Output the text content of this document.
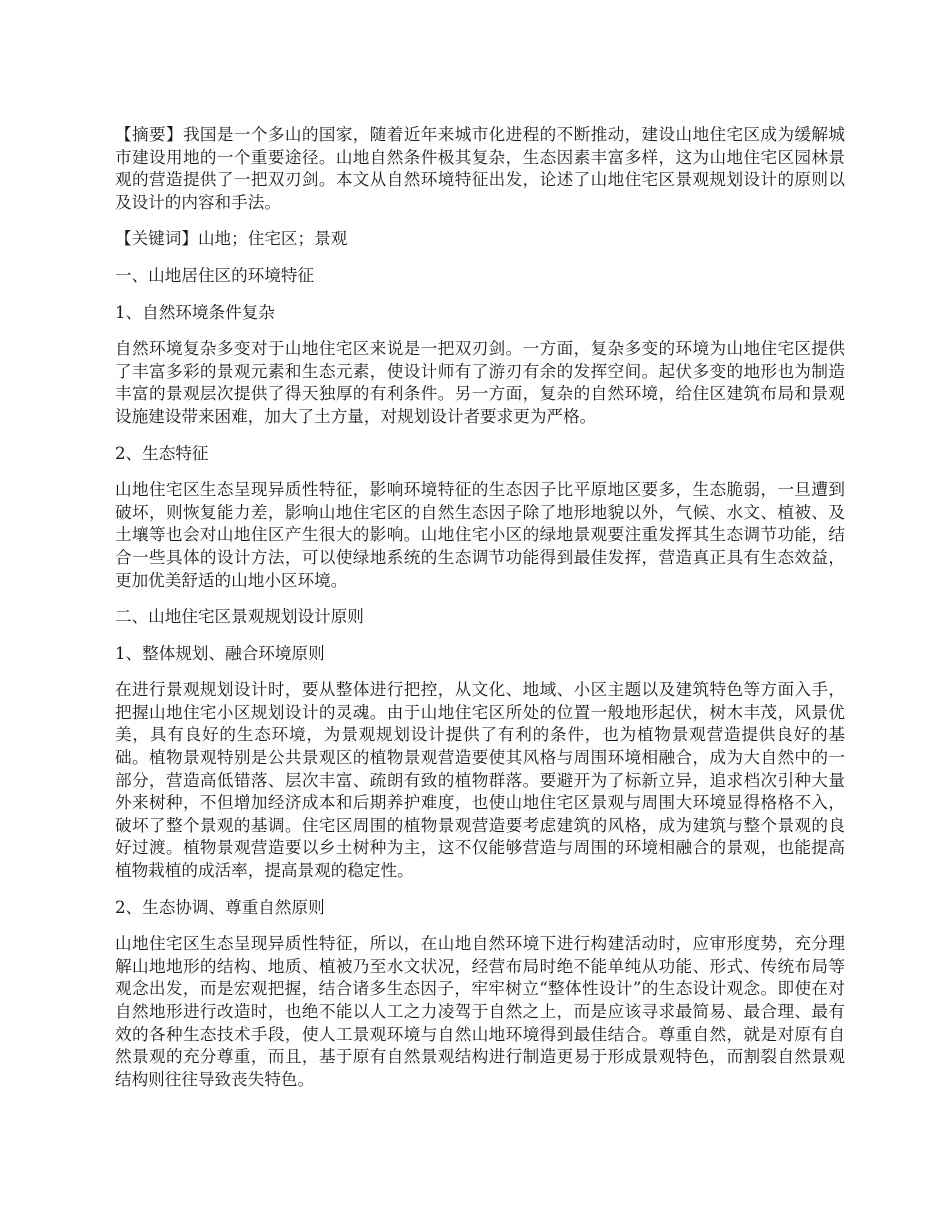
【摘要】我国是一个多山的国家，随着近年来城市化进程的不断推动，建设山地住宅区成为缓解城市建设用地的一个重要途径。山地自然条件极其复杂，生态因素丰富多样，这为山地住宅区园林景观的营造提供了一把双刃剑。本文从自然环境特征出发，论述了山地住宅区景观规划设计的原则以及设计的内容和手法。

【关键词】山地；住宅区；景观

一、山地居住区的环境特征

1、自然环境条件复杂

自然环境复杂多变对于山地住宅区来说是一把双刃剑。一方面，复杂多变的环境为山地住宅区提供了丰富多彩的景观元素和生态元素，使设计师有了游刃有余的发挥空间。起伏多变的地形也为制造丰富的景观层次提供了得天独厚的有利条件。另一方面，复杂的自然环境，给住区建筑布局和景观设施建设带来困难，加大了土方量，对规划设计者要求更为严格。

2、生态特征

山地住宅区生态呈现异质性特征，影响环境特征的生态因子比平原地区要多，生态脆弱，一旦遭到破坏，则恢复能力差，影响山地住宅区的自然生态因子除了地形地貌以外，气候、水文、植被、及土壤等也会对山地住区产生很大的影响。山地住宅小区的绿地景观要注重发挥其生态调节功能，结合一些具体的设计方法，可以使绿地系统的生态调节功能得到最佳发挥，营造真正具有生态效益，更加优美舒适的山地小区环境。

二、山地住宅区景观规划设计原则

1、整体规划、融合环境原则

在进行景观规划设计时，要从整体进行把控，从文化、地域、小区主题以及建筑特色等方面入手，把握山地住宅小区规划设计的灵魂。由于山地住宅区所处的位置一般地形起伏，树木丰茂，风景优美，具有良好的生态环境，为景观规划设计提供了有利的条件，也为植物景观营造提供良好的基础。植物景观特别是公共景观区的植物景观营造要使其风格与周围环境相融合，成为大自然中的一部分，营造高低错落、层次丰富、疏朗有致的植物群落。要避开为了标新立异，追求档次引种大量外来树种，不但增加经济成本和后期养护难度，也使山地住宅区景观与周围大环境显得格格不入，破坏了整个景观的基调。住宅区周围的植物景观营造要考虑建筑的风格，成为建筑与整个景观的良好过渡。植物景观营造要以乡土树种为主，这不仅能够营造与周围的环境相融合的景观，也能提高植物栽植的成活率，提高景观的稳定性。

2、生态协调、尊重自然原则

山地住宅区生态呈现异质性特征，所以，在山地自然环境下进行构建活动时，应审形度势，充分理解山地地形的结构、地质、植被乃至水文状况，经营布局时绝不能单纯从功能、形式、传统布局等观念出发，而是宏观把握，结合诸多生态因子，牢牢树立“整体性设计”的生态设计观念。即使在对自然地形进行改造时，也绝不能以人工之力凌驾于自然之上，而是应该寻求最简易、最合理、最有效的各种生态技术手段，使人工景观环境与自然山地环境得到最佳结合。尊重自然，就是对原有自然景观的充分尊重，而且，基于原有自然景观结构进行制造更易于形成景观特色，而割裂自然景观结构则往往导致丧失特色。
